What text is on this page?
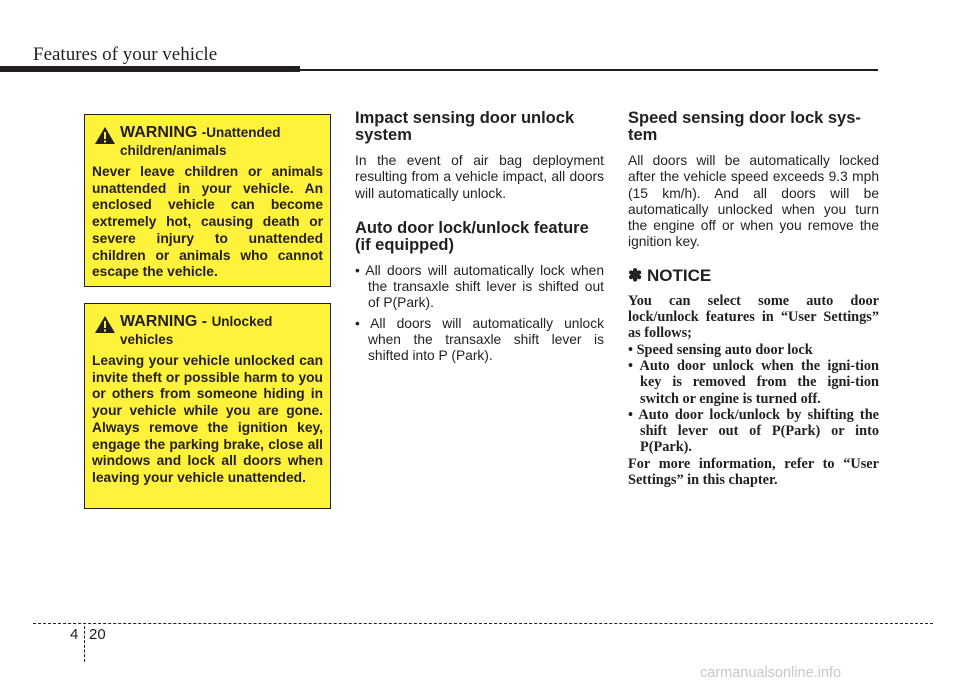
Features of your vehicle
WARNING -Unattended children/animals
Never leave children or animals unattended in your vehicle. An enclosed vehicle can become extremely hot, causing death or severe injury to unattended children or animals who cannot escape the vehicle.
WARNING - Unlocked vehicles
Leaving your vehicle unlocked can invite theft or possible harm to you or others from someone hiding in your vehicle while you are gone. Always remove the ignition key, engage the parking brake, close all windows and lock all doors when leaving your vehicle unattended.
Impact sensing door unlock system

In the event of air bag deployment resulting from a vehicle impact, all doors will automatically unlock.

Auto door lock/unlock feature (if equipped)
• All doors will automatically lock when the transaxle shift lever is shifted out of P(Park).
• All doors will automatically unlock when the transaxle shift lever is shifted into P (Park).
Speed sensing door lock sys-tem

All doors will be automatically locked after the vehicle speed exceeds 9.3 mph (15 km/h). And all doors will be automatically unlocked when you turn the engine off or when you remove the ignition key.

✽ NOTICE
You can select some auto door lock/unlock features in “User Settings” as follows;
• Speed sensing auto door lock
• Auto door unlock when the igni-tion key is removed from the igni-tion switch or engine is turned off.
• Auto door lock/unlock by shifting the shift lever out of P(Park) or into P(Park).
For more information, refer to “User Settings” in this chapter.
4 20
carmanualsonline.info
